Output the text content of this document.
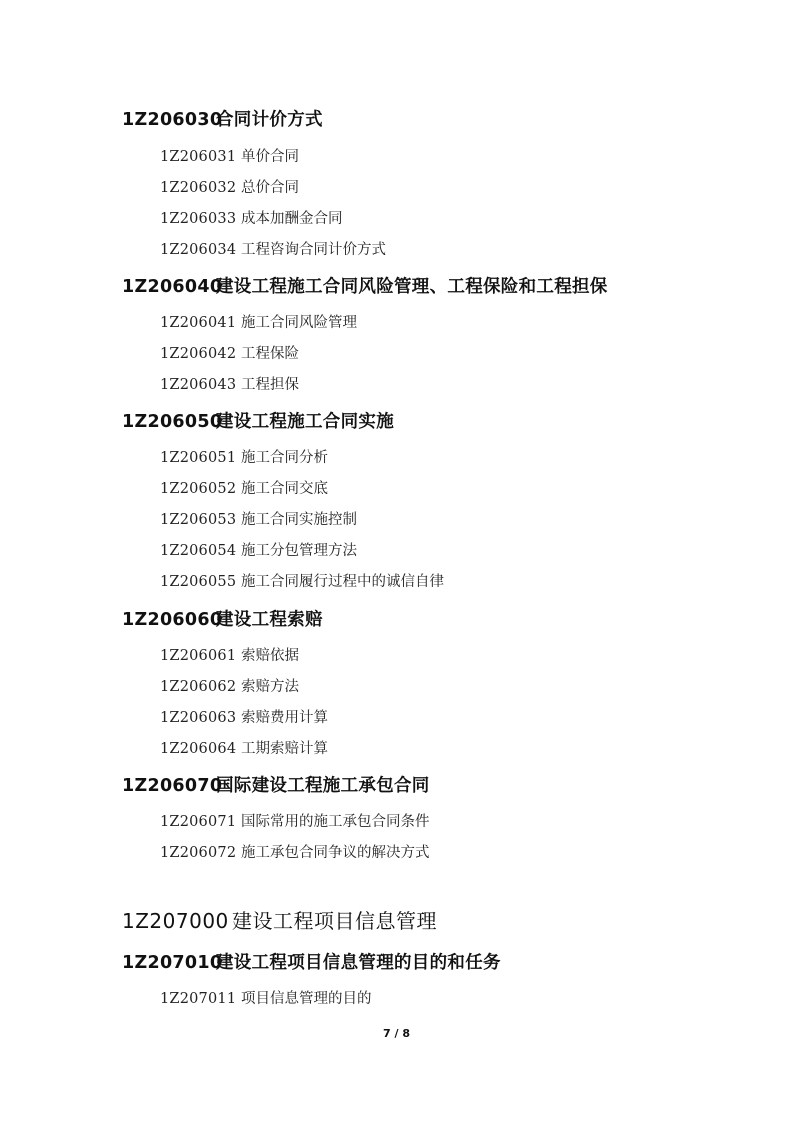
1Z206030合同计价方式
1Z206031 单价合同
1Z206032 总价合同
1Z206033 成本加酬金合同
1Z206034 工程咨询合同计价方式
1Z206040建设工程施工合同风险管理、工程保险和工程担保
1Z206041 施工合同风险管理
1Z206042 工程保险
1Z206043 工程担保
1Z206050建设工程施工合同实施
1Z206051 施工合同分析
1Z206052 施工合同交底
1Z206053 施工合同实施控制
1Z206054 施工分包管理方法
1Z206055 施工合同履行过程中的诚信自律
1Z206060建设工程索赔
1Z206061 索赔依据
1Z206062 索赔方法
1Z206063 索赔费用计算
1Z206064 工期索赔计算
1Z206070国际建设工程施工承包合同
1Z206071 国际常用的施工承包合同条件
1Z206072 施工承包合同争议的解决方式
1Z207000 建设工程项目信息管理
1Z207010建设工程项目信息管理的目的和任务
1Z207011 项目信息管理的目的
7 / 8
